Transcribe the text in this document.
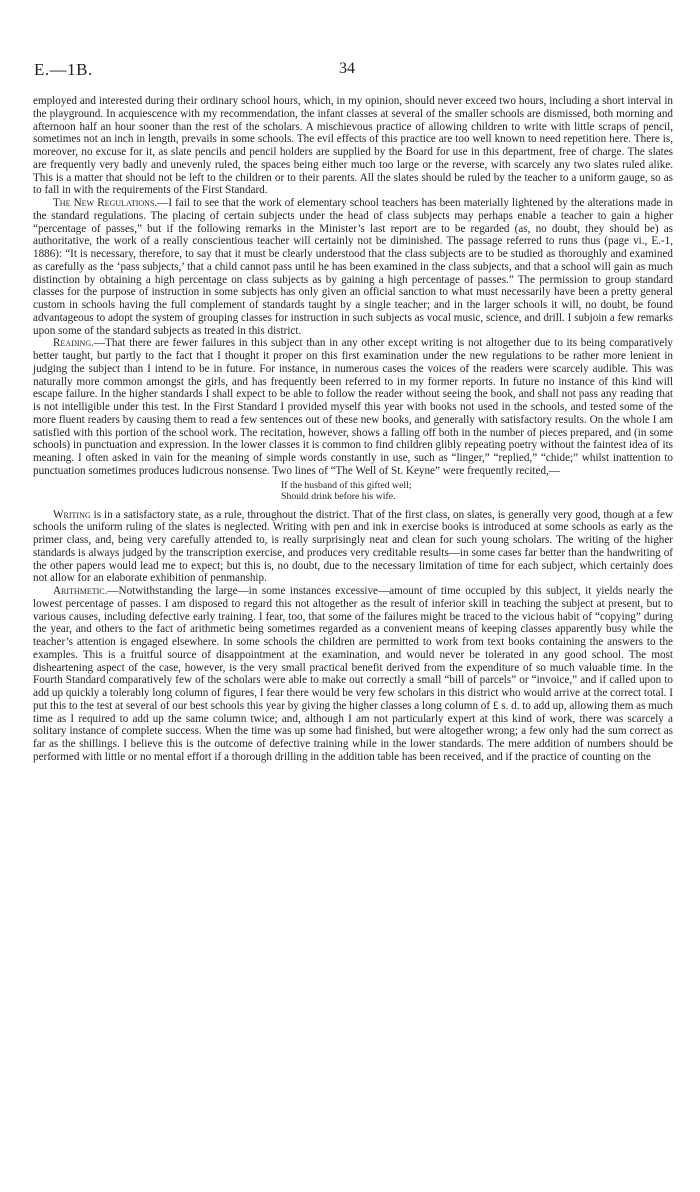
E.—1B.	34

employed and interested during their ordinary school hours, which, in my opinion, should never exceed two hours, including a short interval in the playground. In acquiescence with my recommendation, the infant classes at several of the smaller schools are dismissed, both morning and afternoon half an hour sooner than the rest of the scholars. A mischievous practice of allowing children to write with little scraps of pencil, sometimes not an inch in length, prevails in some schools. The evil effects of this practice are too well known to need repetition here. There is, moreover, no excuse for it, as slate pencils and pencil holders are supplied by the Board for use in this department, free of charge. The slates are frequently very badly and unevenly ruled, the spaces being either much too large or the reverse, with scarcely any two slates ruled alike. This is a matter that should not be left to the children or to their parents. All the slates should be ruled by the teacher to a uniform gauge, so as to fall in with the requirements of the First Standard.

The New Regulations.—I fail to see that the work of elementary school teachers has been materially lightened by the alterations made in the standard regulations. The placing of certain subjects under the head of class subjects may perhaps enable a teacher to gain a higher “percentage of passes,” but if the following remarks in the Minister’s last report are to be regarded (as, no doubt, they should be) as authoritative, the work of a really conscientious teacher will certainly not be diminished. The passage referred to runs thus (page vi., E.-1, 1886): “It is necessary, therefore, to say that it must be clearly understood that the class subjects are to be studied as thoroughly and examined as carefully as the ‘pass subjects,’ that a child cannot pass until he has been examined in the class subjects, and that a school will gain as much distinction by obtaining a high percentage on class subjects as by gaining a high percentage of passes.” The permission to group standard classes for the purpose of instruction in some subjects has only given an official sanction to what must necessarily have been a pretty general custom in schools having the full complement of standards taught by a single teacher; and in the larger schools it will, no doubt, be found advantageous to adopt the system of grouping classes for instruction in such subjects as vocal music, science, and drill. I subjoin a few remarks upon some of the standard subjects as treated in this district.

Reading.—That there are fewer failures in this subject than in any other except writing is not altogether due to its being comparatively better taught, but partly to the fact that I thought it proper on this first examination under the new regulations to be rather more lenient in judging the subject than I intend to be in future. For instance, in numerous cases the voices of the readers were scarcely audible. This was naturally more common amongst the girls, and has frequently been referred to in my former reports. In future no instance of this kind will escape failure. In the higher standards I shall expect to be able to follow the reader without seeing the book, and shall not pass any reading that is not intelligible under this test. In the First Standard I provided myself this year with books not used in the schools, and tested some of the more fluent readers by causing them to read a few sentences out of these new books, and generally with satisfactory results. On the whole I am satisfied with this portion of the school work. The recitation, however, shows a falling off both in the number of pieces prepared, and (in some schools) in punctuation and expression. In the lower classes it is common to find children glibly repeating poetry without the faintest idea of its meaning. I often asked in vain for the meaning of simple words constantly in use, such as “linger,” “replied,” “chide;” whilst inattention to punctuation sometimes produces ludicrous nonsense. Two lines of “The Well of St. Keyne” were frequently recited,—

If the husband of this gifted well;
Should drink before his wife.

Writing is in a satisfactory state, as a rule, throughout the district. That of the first class, on slates, is generally very good, though at a few schools the uniform ruling of the slates is neglected. Writing with pen and ink in exercise books is introduced at some schools as early as the primer class, and, being very carefully attended to, is really surprisingly neat and clean for such young scholars. The writing of the higher standards is always judged by the transcription exercise, and produces very creditable results—in some cases far better than the handwriting of the other papers would lead me to expect; but this is, no doubt, due to the necessary limitation of time for each subject, which certainly does not allow for an elaborate exhibition of penmanship.

Arithmetic.—Notwithstanding the large—in some instances excessive—amount of time occupied by this subject, it yields nearly the lowest percentage of passes. I am disposed to regard this not altogether as the result of inferior skill in teaching the subject at present, but to various causes, including defective early training. I fear, too, that some of the failures might be traced to the vicious habit of “copying” during the year, and others to the fact of arithmetic being sometimes regarded as a convenient means of keeping classes apparently busy while the teacher’s attention is engaged elsewhere. In some schools the children are permitted to work from text books containing the answers to the examples. This is a fruitful source of disappointment at the examination, and would never be tolerated in any good school. The most disheartening aspect of the case, however, is the very small practical benefit derived from the expenditure of so much valuable time. In the Fourth Standard comparatively few of the scholars were able to make out correctly a small “bill of parcels” or “invoice,” and if called upon to add up quickly a tolerably long column of figures, I fear there would be very few scholars in this district who would arrive at the correct total. I put this to the test at several of our best schools this year by giving the higher classes a long column of £ s. d. to add up, allowing them as much time as I required to add up the same column twice; and, although I am not particularly expert at this kind of work, there was scarcely a solitary instance of complete success. When the time was up some had finished, but were altogether wrong; a few only had the sum correct as far as the shillings. I believe this is the outcome of defective training while in the lower standards. The mere addition of numbers should be performed with little or no mental effort if a thorough drilling in the addition table has been received, and if the practice of counting on the
